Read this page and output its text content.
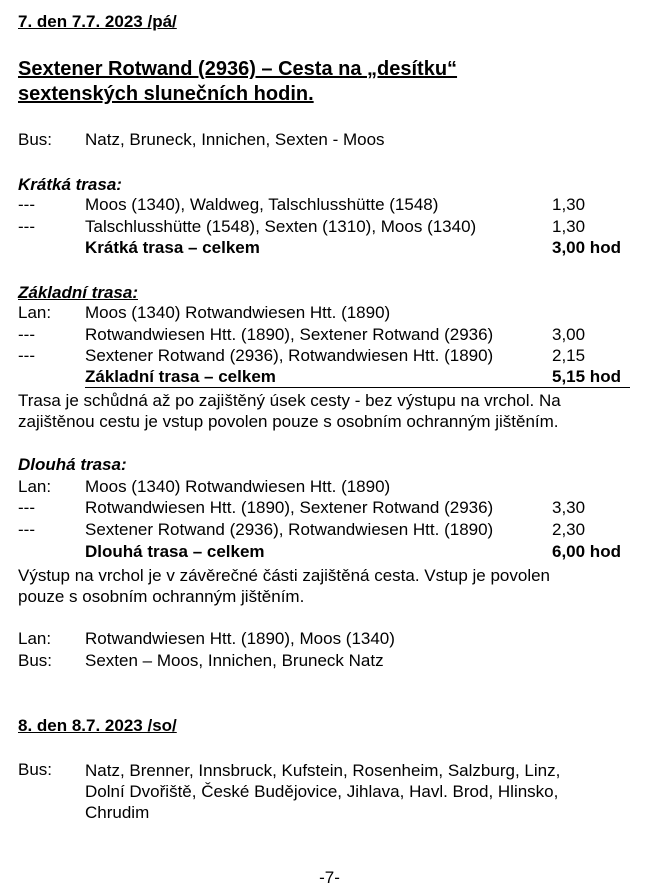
7. den 7.7. 2023 /pá/
Sextener Rotwand (2936) – Cesta na „desítku“
sextenských slunečních hodin.
Bus: Natz, Bruneck, Innichen, Sexten - Moos
Krátká trasa:
---	Moos (1340), Waldweg, Talschlusshütte (1548)	1,30
---	Talschlusshütte (1548), Sexten (1310), Moos (1340)	1,30
Krátká trasa – celkem	3,00 hod
Základní trasa:
Lan: Moos (1340) Rotwandwiesen Htt. (1890)
---	Rotwandwiesen Htt. (1890), Sextener Rotwand (2936)	3,00
---	Sextener Rotwand (2936), Rotwandwiesen Htt. (1890)	2,15
Základní trasa – celkem	5,15 hod
Trasa je schůdná až po zajištěný úsek cesty - bez výstupu na vrchol. Na
zajištěnou cestu je vstup povolen pouze s osobním ochranným jištěním.
Dlouhá trasa:
Lan: Moos (1340) Rotwandwiesen Htt. (1890)
---	Rotwandwiesen Htt. (1890), Sextener Rotwand (2936)	3,30
---	Sextener Rotwand (2936), Rotwandwiesen Htt. (1890)	2,30
Dlouhá trasa – celkem	6,00 hod
Výstup na vrchol je v závěrečné části zajištěná cesta. Vstup je povolen
pouze s osobním ochranným jištěním.
Lan: Rotwandwiesen Htt. (1890), Moos (1340)
Bus: Sexten – Moos, Innichen, Bruneck Natz
8. den 8.7. 2023 /so/
Bus: Natz, Brenner, Innsbruck, Kufstein, Rosenheim, Salzburg, Linz,
Dolní Dvořiště, České Budějovice, Jihlava, Havl. Brod, Hlinsko,
Chrudim
-7-
